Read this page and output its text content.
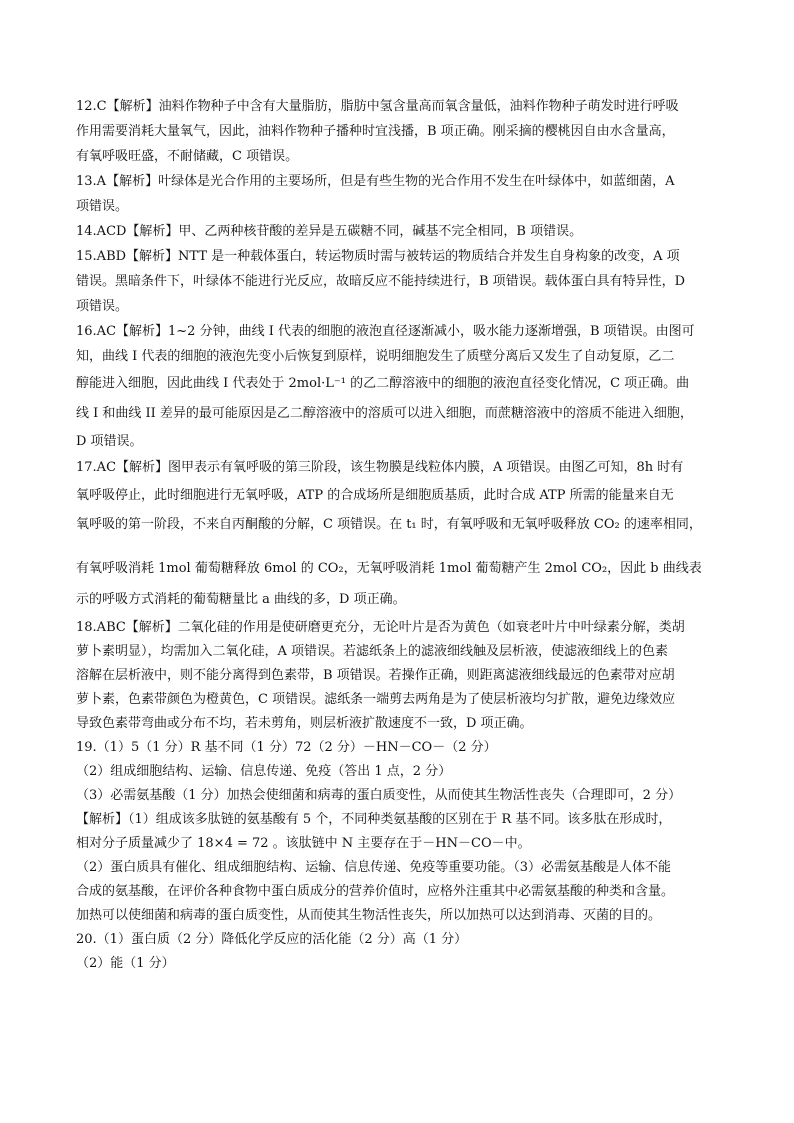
12.C【解析】油料作物种子中含有大量脂肪，脂肪中氢含量高而氧含量低，油料作物种子萌发时进行呼吸
作用需要消耗大量氧气，因此，油料作物种子播种时宜浅播，B 项正确。刚采摘的樱桃因自由水含量高，
有氧呼吸旺盛，不耐储藏，C 项错误。
13.A【解析】叶绿体是光合作用的主要场所，但是有些生物的光合作用不发生在叶绿体中，如蓝细菌，A
项错误。
14.ACD【解析】甲、乙两种核苷酸的差异是五碳糖不同，碱基不完全相同，B 项错误。
15.ABD【解析】NTT 是一种载体蛋白，转运物质时需与被转运的物质结合并发生自身构象的改变，A 项
错误。黑暗条件下，叶绿体不能进行光反应，故暗反应不能持续进行，B 项错误。载体蛋白具有特异性，D
项错误。
16.AC【解析】1~2 分钟，曲线 I 代表的细胞的液泡直径逐渐减小，吸水能力逐渐增强，B 项错误。由图可
知，曲线 I 代表的细胞的液泡先变小后恢复到原样，说明细胞发生了质壁分离后又发生了自动复原，乙二
醇能进入细胞，因此曲线 I 代表处于 2mol·L⁻¹ 的乙二醇溶液中的细胞的液泡直径变化情况，C 项正确。曲
线 I 和曲线 II 差异的最可能原因是乙二醇溶液中的溶质可以进入细胞，而蔗糖溶液中的溶质不能进入细胞，
D 项错误。
17.AC【解析】图甲表示有氧呼吸的第三阶段，该生物膜是线粒体内膜，A 项错误。由图乙可知，8h 时有
氧呼吸停止，此时细胞进行无氧呼吸，ATP 的合成场所是细胞质基质，此时合成 ATP 所需的能量来自无
氧呼吸的第一阶段，不来自丙酮酸的分解，C 项错误。在 t₁ 时，有氧呼吸和无氧呼吸释放 CO₂ 的速率相同，
有氧呼吸消耗 1mol 葡萄糖释放 6mol 的 CO₂，无氧呼吸消耗 1mol 葡萄糖产生 2mol CO₂，因此 b 曲线表
示的呼吸方式消耗的葡萄糖量比 a 曲线的多，D 项正确。
18.ABC【解析】二氧化硅的作用是使研磨更充分，无论叶片是否为黄色（如衰老叶片中叶绿素分解，类胡
萝卜素明显），均需加入二氧化硅，A 项错误。若滤纸条上的滤液细线触及层析液，使滤液细线上的色素
溶解在层析液中，则不能分离得到色素带，B 项错误。若操作正确，则距离滤液细线最远的色素带对应胡
萝卜素，色素带颜色为橙黄色，C 项错误。滤纸条一端剪去两角是为了使层析液均匀扩散，避免边缘效应
导致色素带弯曲或分布不均，若未剪角，则层析液扩散速度不一致，D 项正确。
19.（1）5（1 分）R 基不同（1 分）72（2 分）－HN－CO－（2 分）
（2）组成细胞结构、运输、信息传递、免疫（答出 1 点，2 分）
（3）必需氨基酸（1 分）加热会使细菌和病毒的蛋白质变性，从而使其生物活性丧失（合理即可，2 分）
【解析】（1）组成该多肽链的氨基酸有 5 个，不同种类氨基酸的区别在于 R 基不同。该多肽在形成时，
相对分子质量减少了 18×4 = 72 。该肽链中 N 主要存在于－HN－CO－中。
（2）蛋白质具有催化、组成细胞结构、运输、信息传递、免疫等重要功能。（3）必需氨基酸是人体不能
合成的氨基酸，在评价各种食物中蛋白质成分的营养价值时，应格外注重其中必需氨基酸的种类和含量。
加热可以使细菌和病毒的蛋白质变性，从而使其生物活性丧失，所以加热可以达到消毒、灭菌的目的。
20.（1）蛋白质（2 分）降低化学反应的活化能（2 分）高（1 分）
（2）能（1 分）
